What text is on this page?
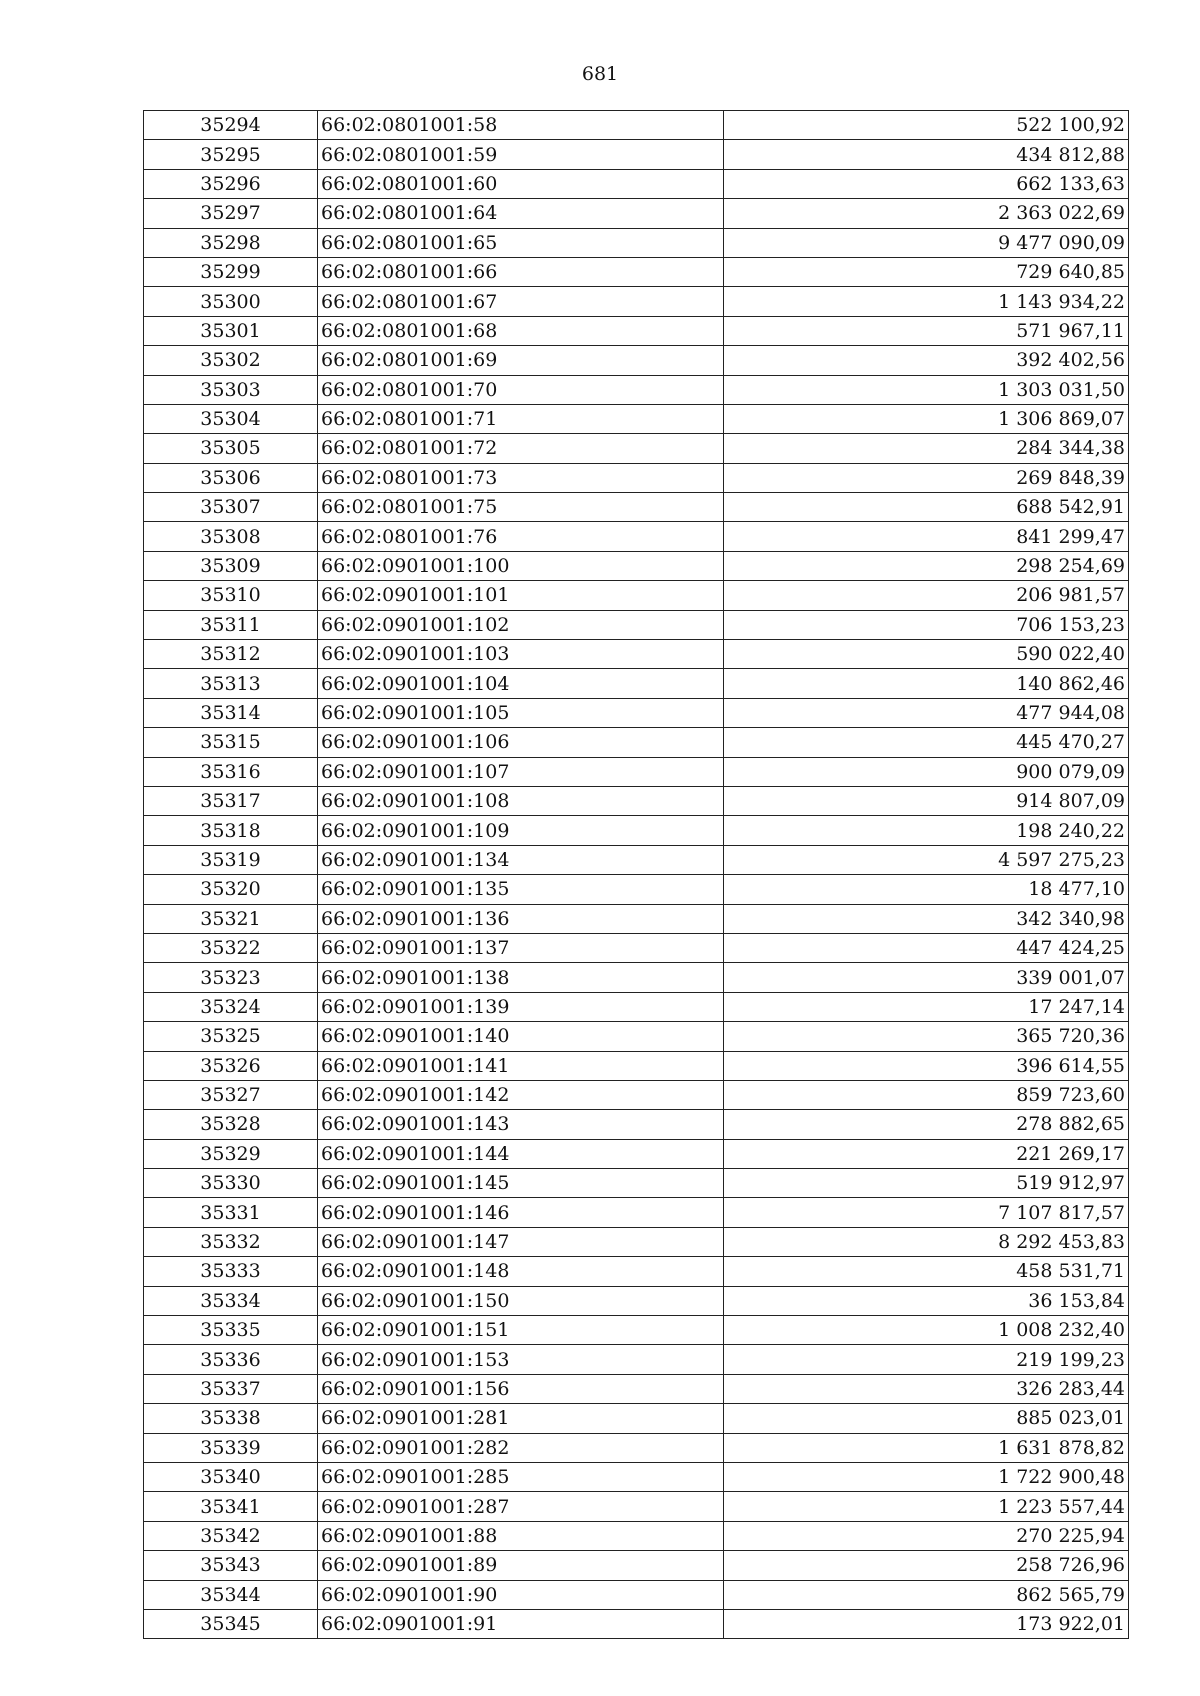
681
35294	66:02:0801001:58	522 100,92
35295	66:02:0801001:59	434 812,88
35296	66:02:0801001:60	662 133,63
35297	66:02:0801001:64	2 363 022,69
35298	66:02:0801001:65	9 477 090,09
35299	66:02:0801001:66	729 640,85
35300	66:02:0801001:67	1 143 934,22
35301	66:02:0801001:68	571 967,11
35302	66:02:0801001:69	392 402,56
35303	66:02:0801001:70	1 303 031,50
35304	66:02:0801001:71	1 306 869,07
35305	66:02:0801001:72	284 344,38
35306	66:02:0801001:73	269 848,39
35307	66:02:0801001:75	688 542,91
35308	66:02:0801001:76	841 299,47
35309	66:02:0901001:100	298 254,69
35310	66:02:0901001:101	206 981,57
35311	66:02:0901001:102	706 153,23
35312	66:02:0901001:103	590 022,40
35313	66:02:0901001:104	140 862,46
35314	66:02:0901001:105	477 944,08
35315	66:02:0901001:106	445 470,27
35316	66:02:0901001:107	900 079,09
35317	66:02:0901001:108	914 807,09
35318	66:02:0901001:109	198 240,22
35319	66:02:0901001:134	4 597 275,23
35320	66:02:0901001:135	18 477,10
35321	66:02:0901001:136	342 340,98
35322	66:02:0901001:137	447 424,25
35323	66:02:0901001:138	339 001,07
35324	66:02:0901001:139	17 247,14
35325	66:02:0901001:140	365 720,36
35326	66:02:0901001:141	396 614,55
35327	66:02:0901001:142	859 723,60
35328	66:02:0901001:143	278 882,65
35329	66:02:0901001:144	221 269,17
35330	66:02:0901001:145	519 912,97
35331	66:02:0901001:146	7 107 817,57
35332	66:02:0901001:147	8 292 453,83
35333	66:02:0901001:148	458 531,71
35334	66:02:0901001:150	36 153,84
35335	66:02:0901001:151	1 008 232,40
35336	66:02:0901001:153	219 199,23
35337	66:02:0901001:156	326 283,44
35338	66:02:0901001:281	885 023,01
35339	66:02:0901001:282	1 631 878,82
35340	66:02:0901001:285	1 722 900,48
35341	66:02:0901001:287	1 223 557,44
35342	66:02:0901001:88	270 225,94
35343	66:02:0901001:89	258 726,96
35344	66:02:0901001:90	862 565,79
35345	66:02:0901001:91	173 922,01
